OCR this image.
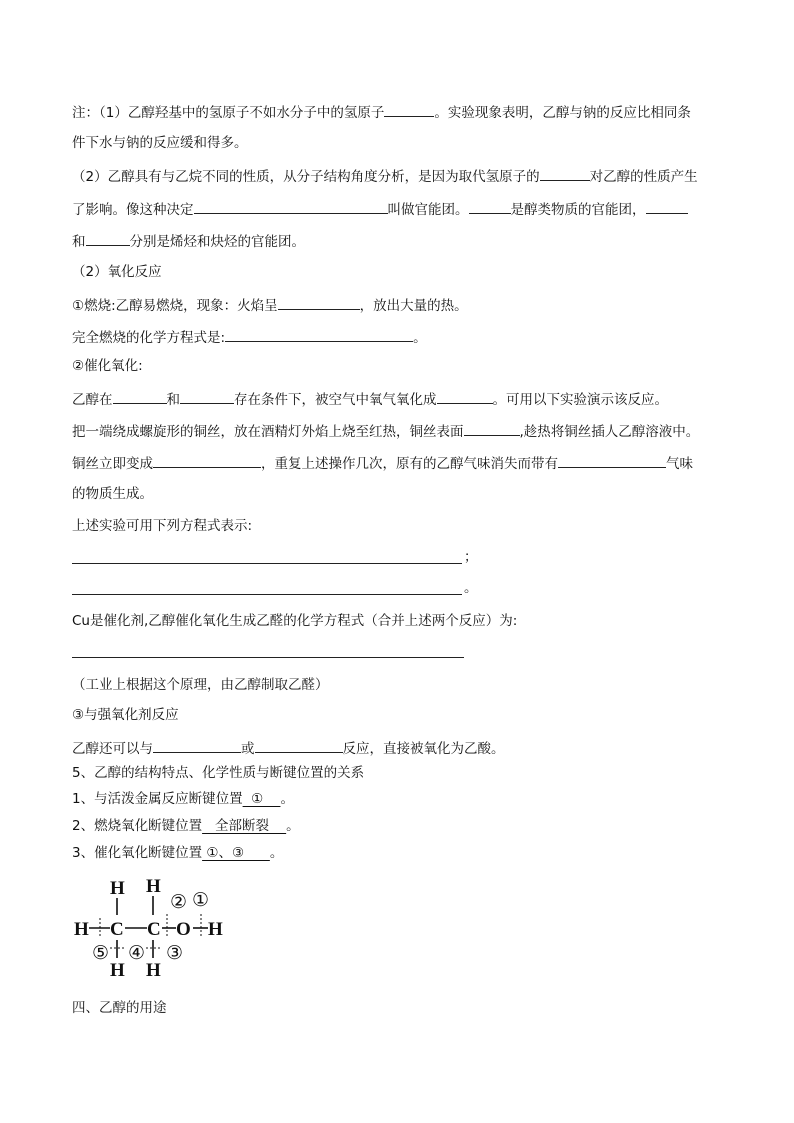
注：（1）乙醇羟基中的氢原子不如水分子中的氢原子	。实验现象表明，乙醇与钠的反应比相同条
件下水与钠的反应缓和得多。
（2）乙醇具有与乙烷不同的性质，从分子结构角度分析，是因为取代氢原子的	对乙醇的性质产生
了影响。像这种决定	叫做官能团。	是醇类物质的官能团，
和	分别是烯烃和炔烃的官能团。
（2）氧化反应
①燃烧:乙醇易燃烧，现象：火焰呈	，放出大量的热。
完全燃烧的化学方程式是:	。
②催化氧化:
乙醇在	和	存在条件下，被空气中氧气氧化成	。可用以下实验演示该反应。
把一端绕成螺旋形的铜丝，放在酒精灯外焰上烧至红热，铜丝表面	,趁热将铜丝插人乙醇溶液中。
铜丝立即变成	，重复上述操作几次，原有的乙醇气味消失而带有	气味
的物质生成。
上述实验可用下列方程式表示:
；
。
Cu是催化剂,乙醇催化氧化生成乙醛的化学方程式（合并上述两个反应）为:
（工业上根据这个原理，由乙醇制取乙醛）
③与强氧化剂反应
乙醇还可以与	或	反应，直接被氧化为乙酸。
5、乙醇的结构特点、化学性质与断键位置的关系
1、与活泼金属反应断键位置  ①    。
2、燃烧氧化断键位置   全部断裂    。
3、催化氧化断键位置 ①、③      。
H H
H C C O H
H H
② ①
⑤ ④ ③
四、乙醇的用途
